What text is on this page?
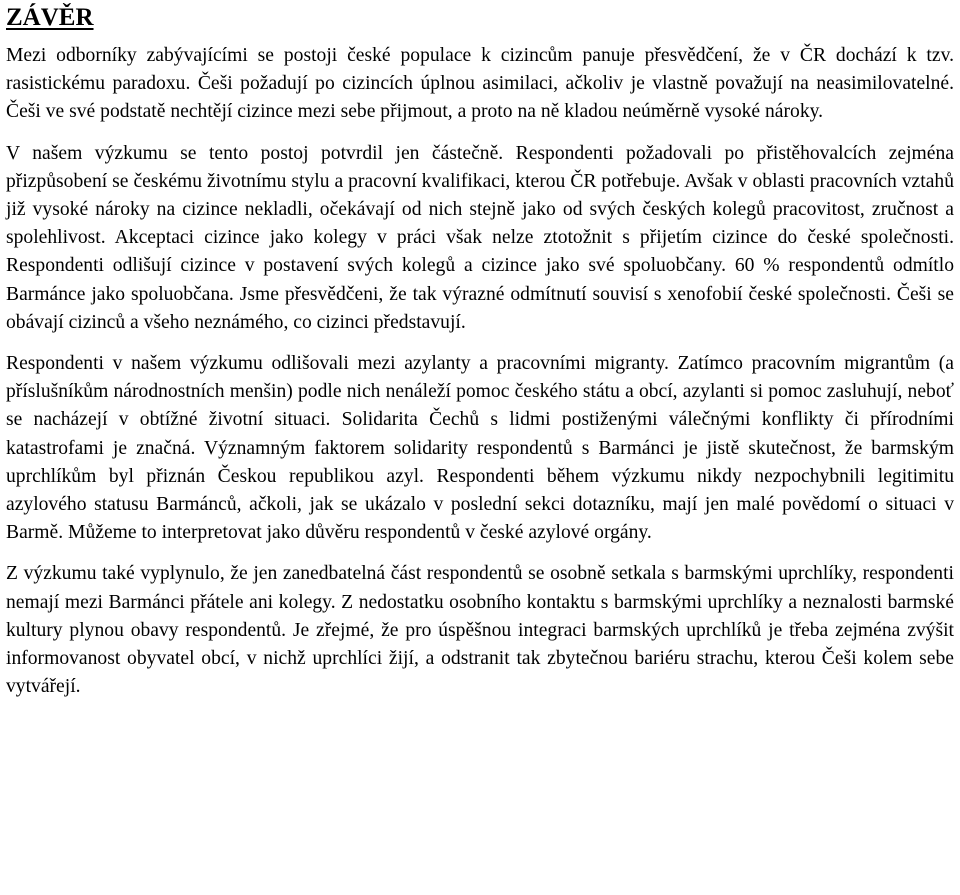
ZÁVĚR

Mezi odborníky zabývajícími se postoji české populace k cizincům panuje přesvědčení, že v ČR dochází k tzv. rasistickému paradoxu. Češi požadují po cizincích úplnou asimilaci, ačkoliv je vlastně považují na neasimilovatelné. Češi ve své podstatě nechtějí cizince mezi sebe přijmout, a proto na ně kladou neúměrně vysoké nároky.

V našem výzkumu se tento postoj potvrdil jen částečně. Respondenti požadovali po přistěhovalcích zejména přizpůsobení se českému životnímu stylu a pracovní kvalifikaci, kterou ČR potřebuje. Avšak v oblasti pracovních vztahů již vysoké nároky na cizince nekladli, očekávají od nich stejně jako od svých českých kolegů pracovitost, zručnost a spolehlivost. Akceptaci cizince jako kolegy v práci však nelze ztotožnit s přijetím cizince do české společnosti. Respondenti odlišují cizince v postavení svých kolegů a cizince jako své spoluobčany. 60 % respondentů odmítlo Barmánce jako spoluobčana. Jsme přesvědčeni, že tak výrazné odmítnutí souvisí s xenofobií české společnosti. Češi se obávají cizinců a všeho neznámého, co cizinci představují.

Respondenti v našem výzkumu odlišovali mezi azylanty a pracovními migranty. Zatímco pracovním migrantům (a příslušníkům národnostních menšin) podle nich nenáleží pomoc českého státu a obcí, azylanti si pomoc zasluhují, neboť se nacházejí v obtížné životní situaci. Solidarita Čechů s lidmi postiženými válečnými konflikty či přírodními katastrofami je značná. Významným faktorem solidarity respondentů s Barmánci je jistě skutečnost, že barmským uprchlíkům byl přiznán Českou republikou azyl. Respondenti během výzkumu nikdy nezpochybnili legitimitu azylového statusu Barmánců, ačkoli, jak se ukázalo v poslední sekci dotazníku, mají jen malé povědomí o situaci v Barmě. Můžeme to interpretovat jako důvěru respondentů v české azylové orgány.

Z výzkumu také vyplynulo, že jen zanedbatelná část respondentů se osobně setkala s barmskými uprchlíky, respondenti nemají mezi Barmánci přátele ani kolegy. Z nedostatku osobního kontaktu s barmskými uprchlíky a neznalosti barmské kultury plynou obavy respondentů. Je zřejmé, že pro úspěšnou integraci barmských uprchlíků je třeba zejména zvýšit informovanost obyvatel obcí, v nichž uprchlíci žijí, a odstranit tak zbytečnou bariéru strachu, kterou Češi kolem sebe vytvářejí.
